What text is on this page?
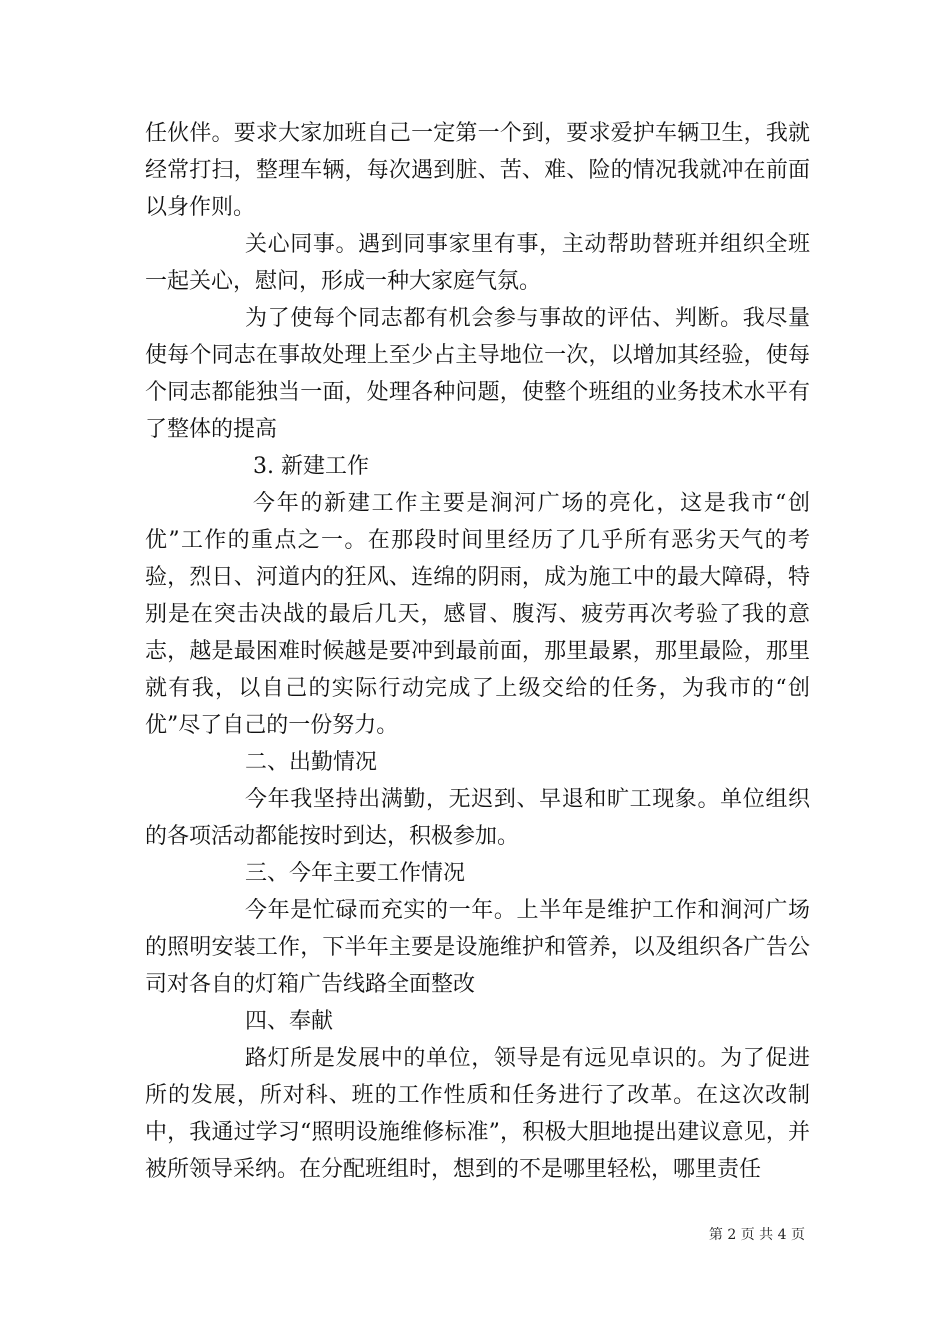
任伙伴。要求大家加班自己一定第一个到，要求爱护车辆卫生，我就经常打扫，整理车辆，每次遇到脏、苦、难、险的情况我就冲在前面以身作则。

关心同事。遇到同事家里有事，主动帮助替班并组织全班一起关心，慰问，形成一种大家庭气氛。

为了使每个同志都有机会参与事故的评估、判断。我尽量使每个同志在事故处理上至少占主导地位一次，以增加其经验，使每个同志都能独当一面，处理各种问题，使整个班组的业务技术水平有了整体的提高

3. 新建工作

今年的新建工作主要是涧河广场的亮化，这是我市“创优”工作的重点之一。在那段时间里经历了几乎所有恶劣天气的考验，烈日、河道内的狂风、连绵的阴雨，成为施工中的最大障碍，特别是在突击决战的最后几天，感冒、腹泻、疲劳再次考验了我的意志，越是最困难时候越是要冲到最前面，那里最累，那里最险，那里就有我，以自己的实际行动完成了上级交给的任务，为我市的“创优”尽了自己的一份努力。

二、出勤情况

今年我坚持出满勤，无迟到、早退和旷工现象。单位组织的各项活动都能按时到达，积极参加。

三、今年主要工作情况

今年是忙碌而充实的一年。上半年是维护工作和涧河广场的照明安装工作，下半年主要是设施维护和管养，以及组织各广告公司对各自的灯箱广告线路全面整改

四、奉献

路灯所是发展中的单位，领导是有远见卓识的。为了促进所的发展，所对科、班的工作性质和任务进行了改革。在这次改制中，我通过学习“照明设施维修标准”，积极大胆地提出建议意见，并被所领导采纳。在分配班组时，想到的不是哪里轻松，哪里责任

第 2 页 共 4 页
